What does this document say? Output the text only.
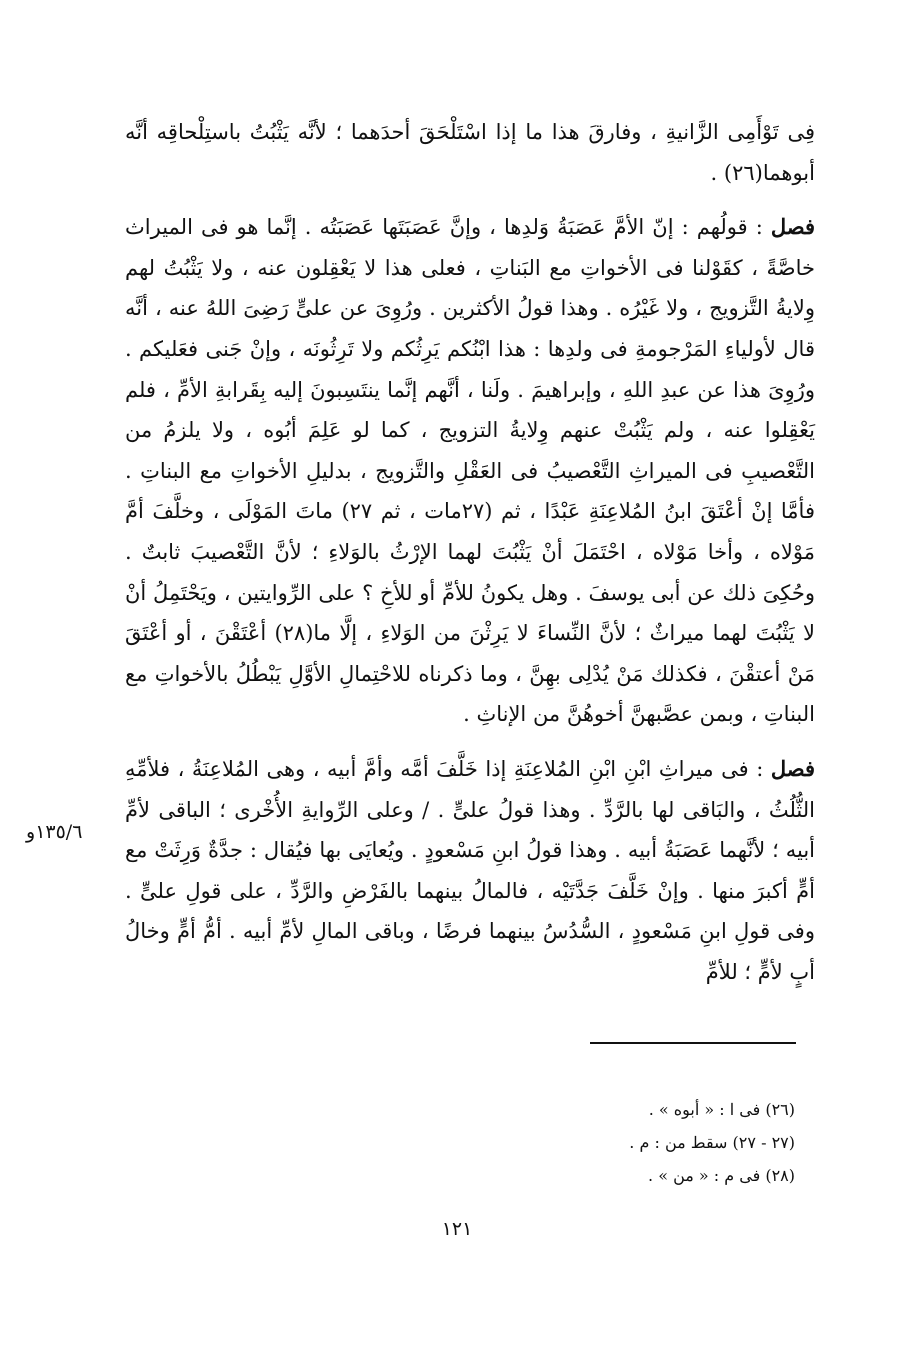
فِى تَوْأَمِى الزَّانيةِ ، وفارقَ هذا ما إذا اسْتَلْحَقَ أحدَهما ؛ لأنَّه يَثْبُتُ باستِلْحاقِه أنَّه أبوهما(٢٦) .

فصل : قولُهم : إنّ الأمَّ عَصَبَةُ وَلدِها ، وإنَّ عَصَبَتَها عَصَبَتُه . إنَّما هو فى الميراث خاصَّةً ، كقَوْلنا فى الأخواتِ مع البَناتِ ، فعلى هذا لا يَعْقِلون عنه ، ولا يَثْبُتُ لهم وِلايةُ التَّزويج ، ولا غَيْرُه . وهذا قولُ الأكثرين . ورُوِىَ عن علىٍّ رَضِىَ اللهُ عنه ، أنَّه قال لأولياءِ المَرْجومةِ فى ولدِها : هذا ابْنُكم يَرِثُكم ولا تَرِثُونَه ، وإنْ جَنى فعَليكم . ورُوِىَ هذا عن عبدِ اللهِ ، وإبراهيمَ . ولَنا ، أنَّهم إنَّما ينتَسِبونَ إليه بِقَرابةِ الأمِّ ، فلم يَعْقِلوا عنه ، ولم يَثْبُتْ عنهم وِلايةُ التزويج ، كما لو عَلِمَ أبُوه ، ولا يلزمُ من التَّعْصيبِ فى الميراثِ التَّعْصيبُ فى العَقْلِ والتَّزويج ، بدليلِ الأخواتِ مع البناتِ . فأمَّا إنْ أعْتَقَ ابنُ المُلاعِنَةِ عَبْدًا ، ثم (٢٧مات ، ثم ٢٧) ماتَ المَوْلَى ، وخلَّفَ أمَّ مَوْلاه ، وأخا مَوْلاه ، احْتَمَلَ أنْ يَثْبُتَ لهما الإرْثُ بالوَلاءِ ؛ لأنَّ التَّعْصيبَ ثابتٌ . وحُكِىَ ذلك عن أبى يوسفَ . وهل يكونُ للأمِّ أو للأخِ ؟ على الرِّوايتين ، ويَحْتَمِلُ أنْ لا يَثْبُتَ لهما ميراثٌ ؛ لأنَّ النِّساءَ لا يَرِثْنَ من الوَلاءِ ، إلَّا ما(٢٨) أعْتَقْنَ ، أو أعْتَقَ مَنْ أعتقْنَ ، فكذلك مَنْ يُدْلِى بهِنَّ ، وما ذكرناه للاحْتِمالِ الأوَّلِ يَبْطُلُ بالأخواتِ مع البناتِ ، وبمن عصَّبهنَّ أخوهُنَّ من الإناثِ .

فصل : فى ميراثِ ابْنِ ابْنِ المُلاعِنَةِ إذا خَلَّفَ أمَّه وأمَّ أبيه ، وهى المُلاعِنَةُ ، فلأمِّهِ الثُّلُثُ ، والبَاقى لها بالرَّدِّ . وهذا قولُ علىٍّ . / وعلى الرِّوايةِ الأُخْرى ؛ الباقى لأمِّ أبيه ؛ لأنَّهما عَصَبَةُ أبيه . وهذا قولُ ابنِ مَسْعودٍ . ويُعايَى بها فيُقال : جدَّةٌ وَرِثَتْ مع أمٍّ أكبرَ منها . وإنْ خَلَّفَ جَدَّتَيْه ، فالمالُ بينهما بالفَرْضِ والرَّدِّ ، على قولِ علىٍّ . وفى قولِ ابنِ مَسْعودٍ ، السُّدُسُ بينهما فرضًا ، وباقى المالِ لأمِّ أبيه . أمُّ أمٍّ وخالُ أبٍ لأمٍّ ؛ للأمِّ

١٣٥/٦و

(٢٦) فى ا : « أبوه » .

(٢٧ - ٢٧) سقط من : م .

(٢٨) فى م : « من » .

١٢١
